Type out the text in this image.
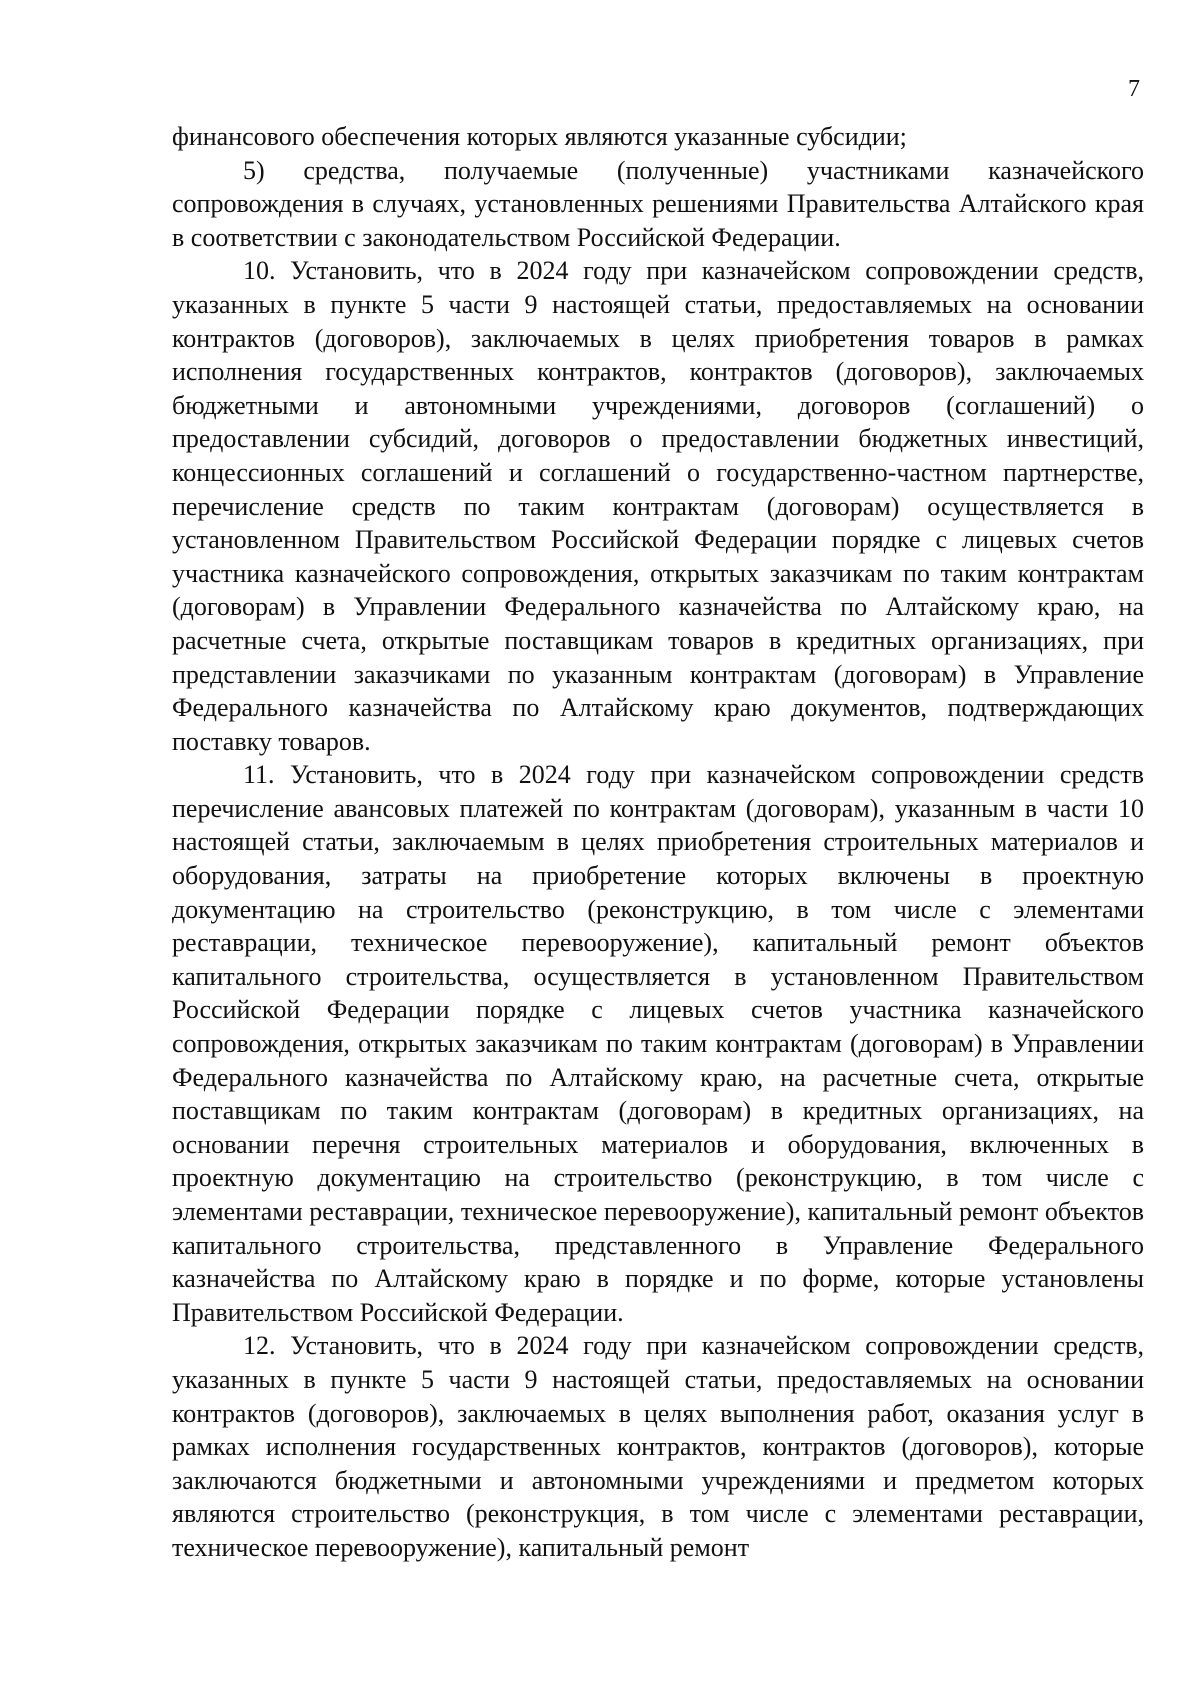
7

финансового обеспечения которых являются указанные субсидии;

5) средства, получаемые (полученные) участниками казначейского сопровождения в случаях, установленных решениями Правительства Алтайского края в соответствии с законодательством Российской Федерации.

10. Установить, что в 2024 году при казначейском сопровождении средств, указанных в пункте 5 части 9 настоящей статьи, предоставляемых на основании контрактов (договоров), заключаемых в целях приобретения товаров в рамках исполнения государственных контрактов, контрактов (договоров), заключаемых бюджетными и автономными учреждениями, договоров (соглашений) о предоставлении субсидий, договоров о предоставлении бюджетных инвестиций, концессионных соглашений и соглашений о государственно-частном партнерстве, перечисление средств по таким контрактам (договорам) осуществляется в установленном Правительством Российской Федерации порядке с лицевых счетов участника казначейского сопровождения, открытых заказчикам по таким контрактам (договорам) в Управлении Федерального казначейства по Алтайскому краю, на расчетные счета, открытые поставщикам товаров в кредитных организациях, при представлении заказчиками по указанным контрактам (договорам) в Управление Федерального казначейства по Алтайскому краю документов, подтверждающих поставку товаров.

11. Установить, что в 2024 году при казначейском сопровождении средств перечисление авансовых платежей по контрактам (договорам), указанным в части 10 настоящей статьи, заключаемым в целях приобретения строительных материалов и оборудования, затраты на приобретение которых включены в проектную документацию на строительство (реконструкцию, в том числе с элементами реставрации, техническое перевооружение), капитальный ремонт объектов капитального строительства, осуществляется в установленном Правительством Российской Федерации порядке с лицевых счетов участника казначейского сопровождения, открытых заказчикам по таким контрактам (договорам) в Управлении Федерального казначейства по Алтайскому краю, на расчетные счета, открытые поставщикам по таким контрактам (договорам) в кредитных организациях, на основании перечня строительных материалов и оборудования, включенных в проектную документацию на строительство (реконструкцию, в том числе с элементами реставрации, техническое перевооружение), капитальный ремонт объектов капитального строительства, представленного в Управление Федерального казначейства по Алтайскому краю в порядке и по форме, которые установлены Правительством Российской Федерации.

12. Установить, что в 2024 году при казначейском сопровождении средств, указанных в пункте 5 части 9 настоящей статьи, предоставляемых на основании контрактов (договоров), заключаемых в целях выполнения работ, оказания услуг в рамках исполнения государственных контрактов, контрактов (договоров), которые заключаются бюджетными и автономными учреждениями и предметом которых являются строительство (реконструкция, в том числе с элементами реставрации, техническое перевооружение), капитальный ремонт
